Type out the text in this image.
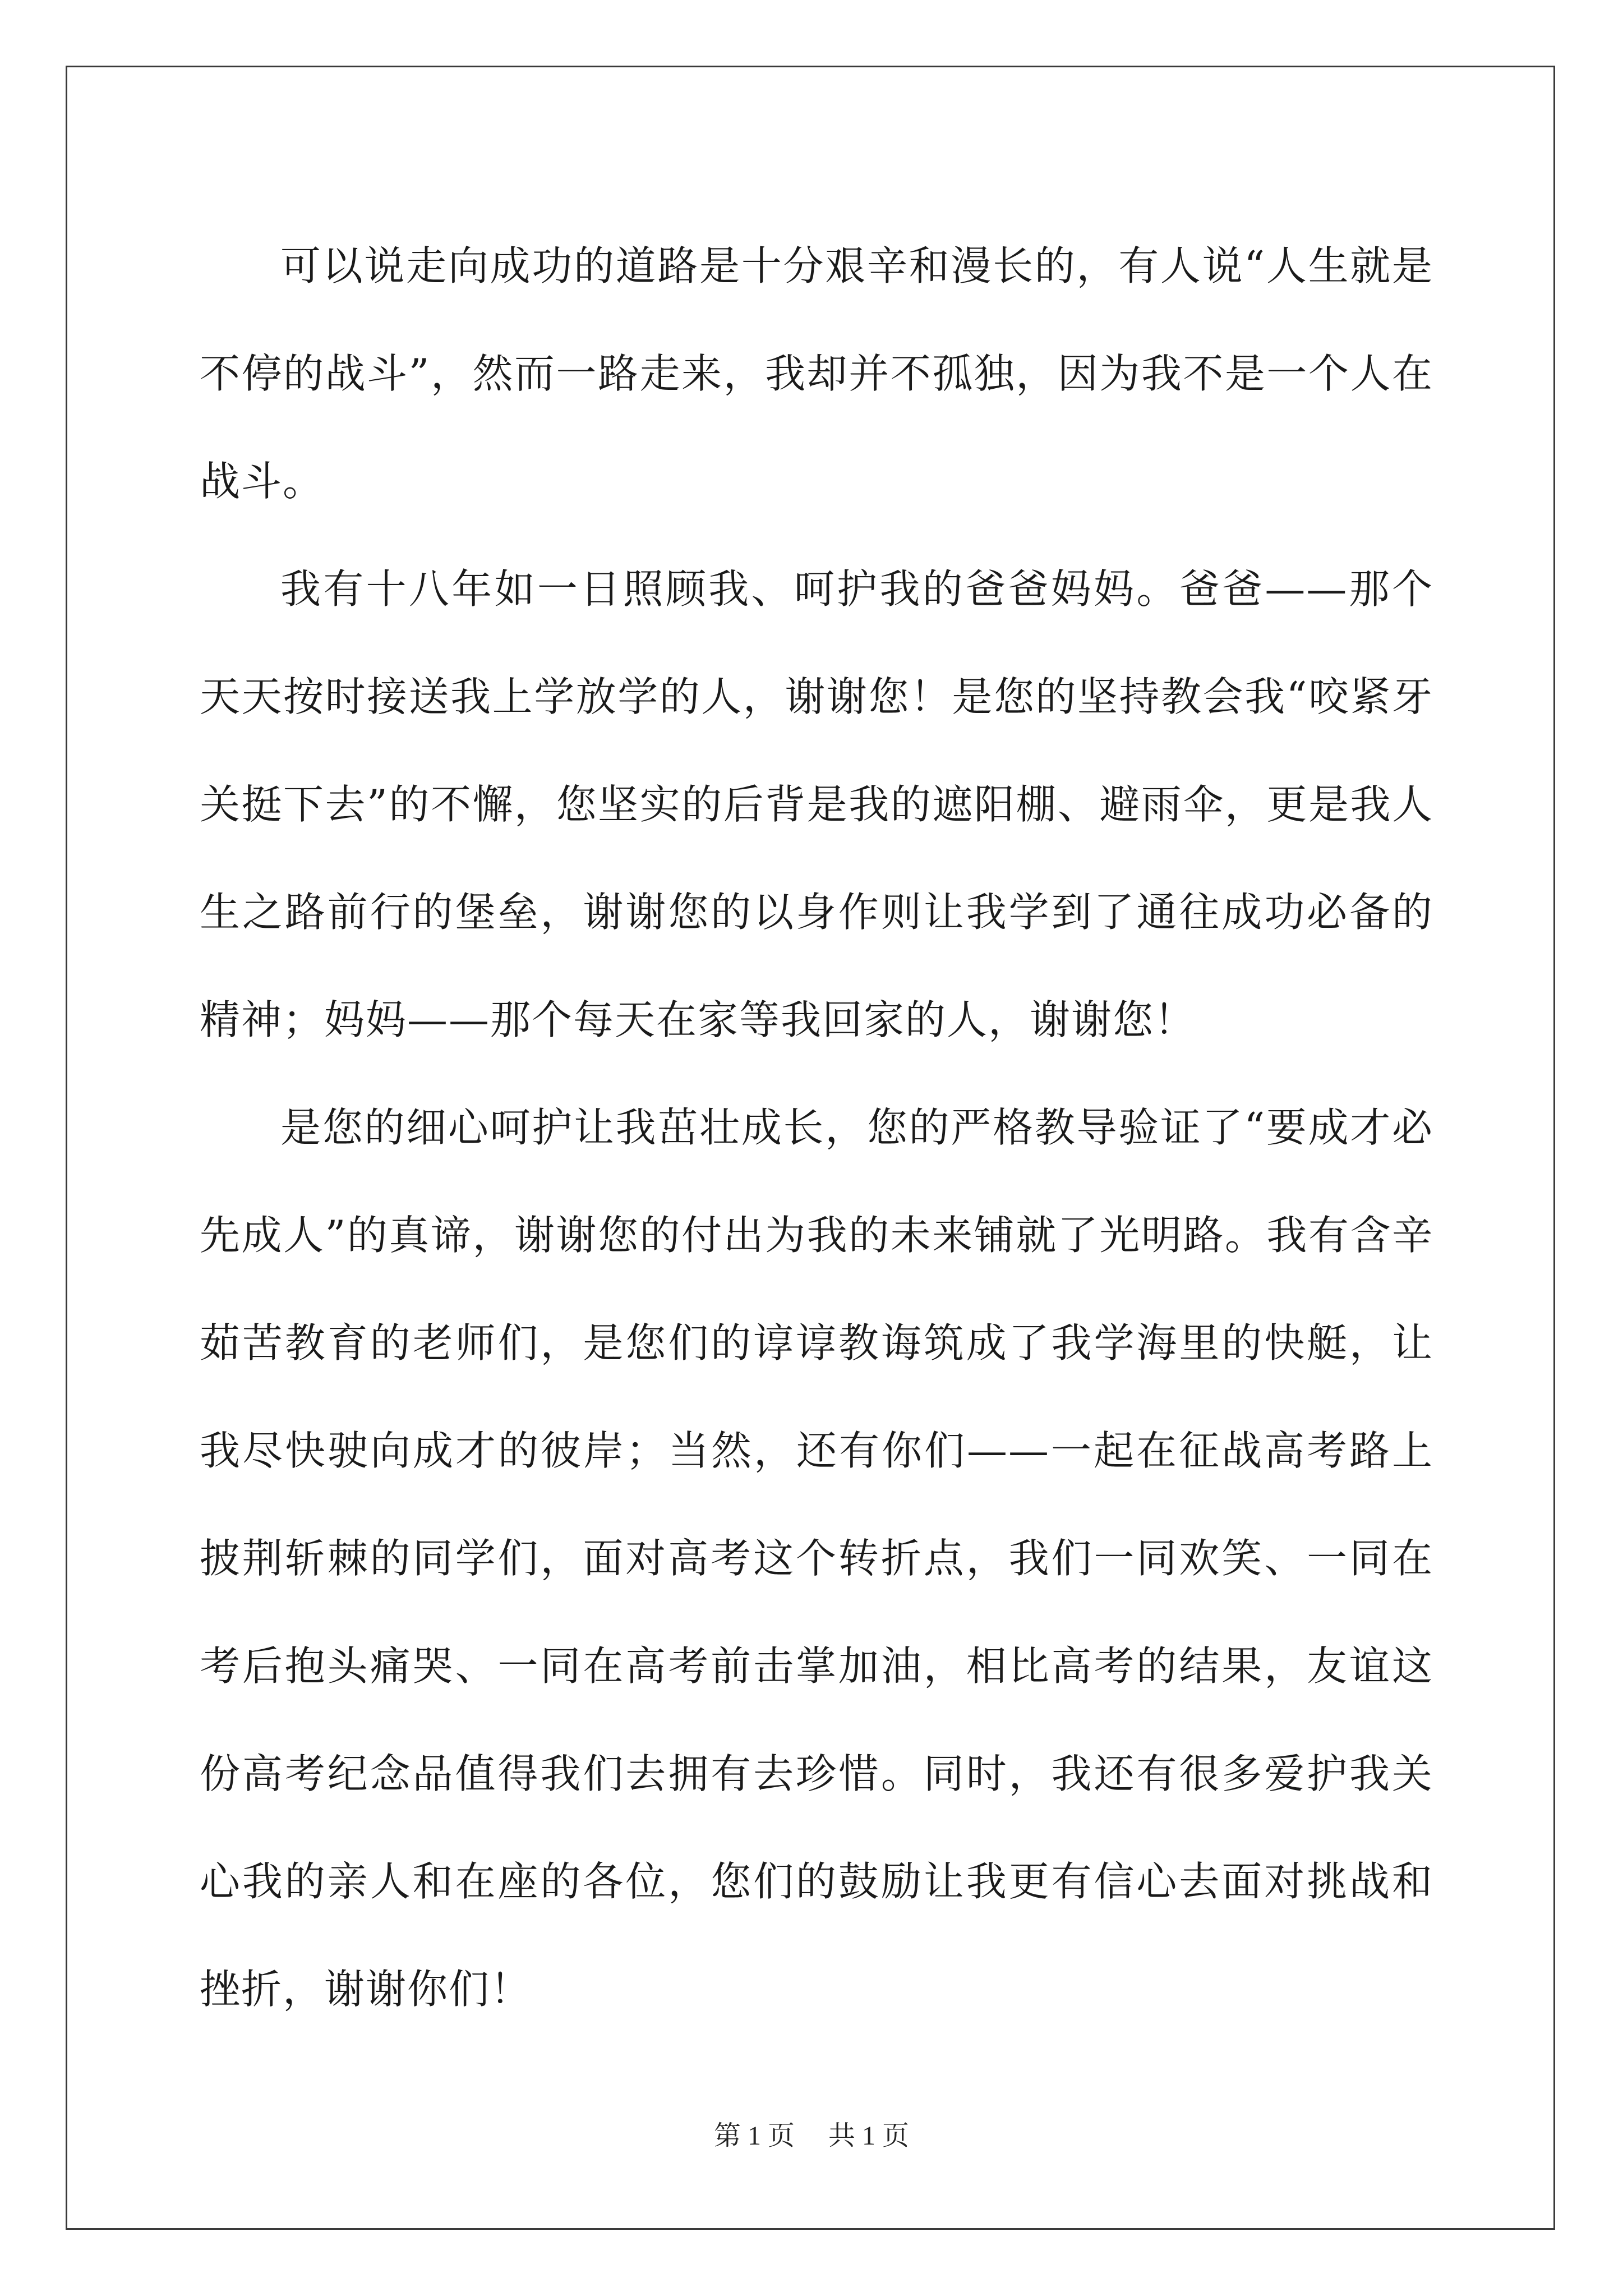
可以说走向成功的道路是十分艰辛和漫长的，有人说“人生就是不停的战斗”，然而一路走来，我却并不孤独，因为我不是一个人在战斗。

我有十八年如一日照顾我、呵护我的爸爸妈妈。爸爸——那个天天按时接送我上学放学的人，谢谢您！是您的坚持教会我“咬紧牙关挺下去”的不懈，您坚实的后背是我的遮阳棚、避雨伞，更是我人生之路前行的堡垒，谢谢您的以身作则让我学到了通往成功必备的精神；妈妈——那个每天在家等我回家的人，谢谢您！

是您的细心呵护让我茁壮成长，您的严格教导验证了“要成才必先成人”的真谛，谢谢您的付出为我的未来铺就了光明路。我有含辛茹苦教育的老师们，是您们的谆谆教诲筑成了我学海里的快艇，让我尽快驶向成才的彼岸；当然，还有你们——一起在征战高考路上披荆斩棘的同学们，面对高考这个转折点，我们一同欢笑、一同在考后抱头痛哭、一同在高考前击掌加油，相比高考的结果，友谊这份高考纪念品值得我们去拥有去珍惜。同时，我还有很多爱护我关心我的亲人和在座的各位，您们的鼓励让我更有信心去面对挑战和挫折，谢谢你们！

第 1 页 共 1 页
